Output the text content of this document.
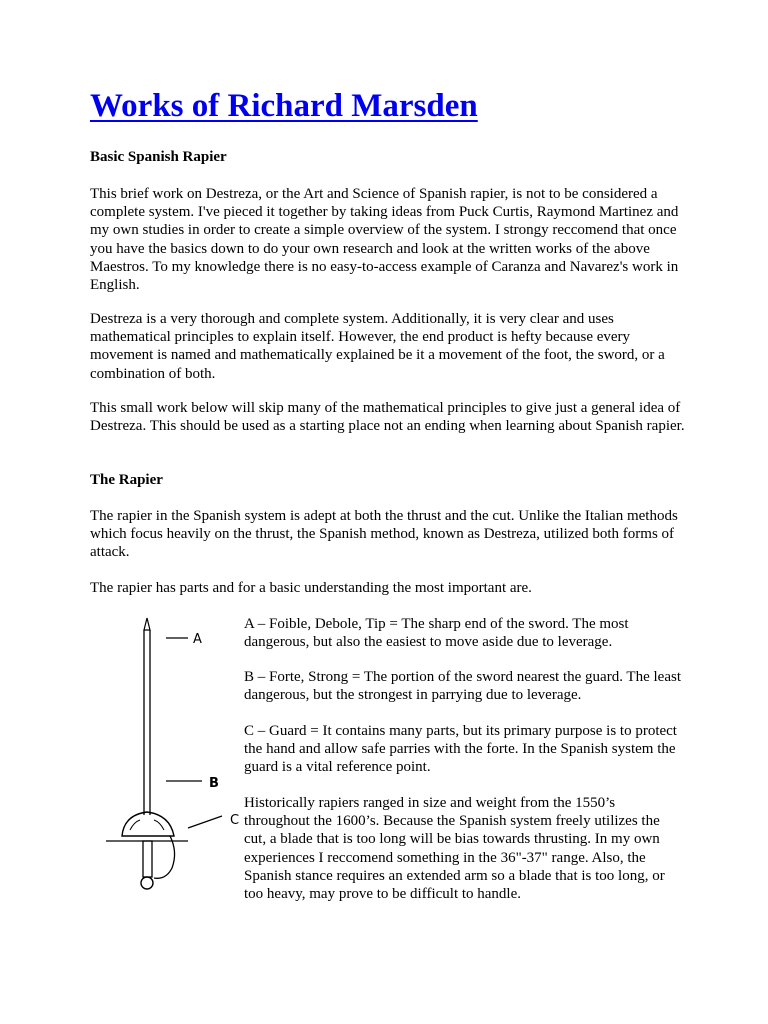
Works of Richard Marsden
Basic Spanish Rapier

This brief work on Destreza, or the Art and Science of Spanish rapier, is not to be considered a complete system. I've pieced it together by taking ideas from Puck Curtis, Raymond Martinez and my own studies in order to create a simple overview of the system. I strongy reccomend that once you have the basics down to do your own research and look at the written works of the above Maestros. To my knowledge there is no easy-to-access example of Caranza and Navarez's work in English.

Destreza is a very thorough and complete system. Additionally, it is very clear and uses mathematical principles to explain itself. However, the end product is hefty because every movement is named and mathematically explained be it a movement of the foot, the sword, or a combination of both.

This small work below will skip many of the mathematical principles to give just a general idea of Destreza. This should be used as a starting place not an ending when learning about Spanish rapier.

The Rapier

The rapier in the Spanish system is adept at both the thrust and the cut. Unlike the Italian methods which focus heavily on the thrust, the Spanish method, known as Destreza, utilized both forms of attack.

The rapier has parts and for a basic understanding the most important are.

A
B
C

A – Foible, Debole, Tip = The sharp end of the sword. The most dangerous, but also the easiest to move aside due to leverage.

B – Forte, Strong = The portion of the sword nearest the guard. The least dangerous, but the strongest in parrying due to leverage.

C – Guard = It contains many parts, but its primary purpose is to protect the hand and allow safe parries with the forte. In the Spanish system the guard is a vital reference point.

Historically rapiers ranged in size and weight from the 1550’s throughout the 1600’s. Because the Spanish system freely utilizes the cut, a blade that is too long will be bias towards thrusting. In my own experiences I reccomend something in the 36"-37" range. Also, the Spanish stance requires an extended arm so a blade that is too long, or too heavy, may prove to be difficult to handle.
